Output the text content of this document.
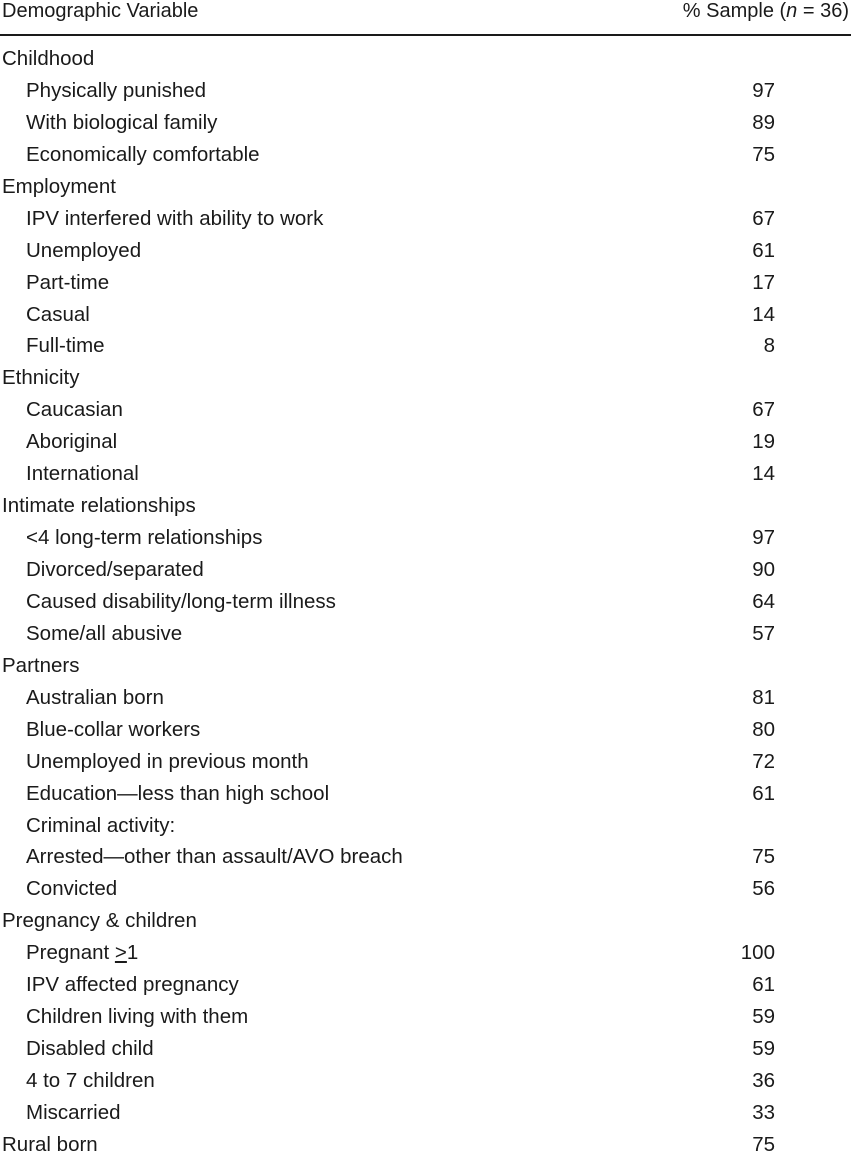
Demographic Variable	% Sample (n = 36)
Childhood
Physically punished	97
With biological family	89
Economically comfortable	75
Employment
IPV interfered with ability to work	67
Unemployed	61
Part-time	17
Casual	14
Full-time	8
Ethnicity
Caucasian	67
Aboriginal	19
International	14
Intimate relationships
<4 long-term relationships	97
Divorced/separated	90
Caused disability/long-term illness	64
Some/all abusive	57
Partners
Australian born	81
Blue-collar workers	80
Unemployed in previous month	72
Education—less than high school	61
Criminal activity:
Arrested—other than assault/AVO breach	75
Convicted	56
Pregnancy & children
Pregnant >1	100
IPV affected pregnancy	61
Children living with them	59
Disabled child	59
4 to 7 children	36
Miscarried	33
Rural born	75
